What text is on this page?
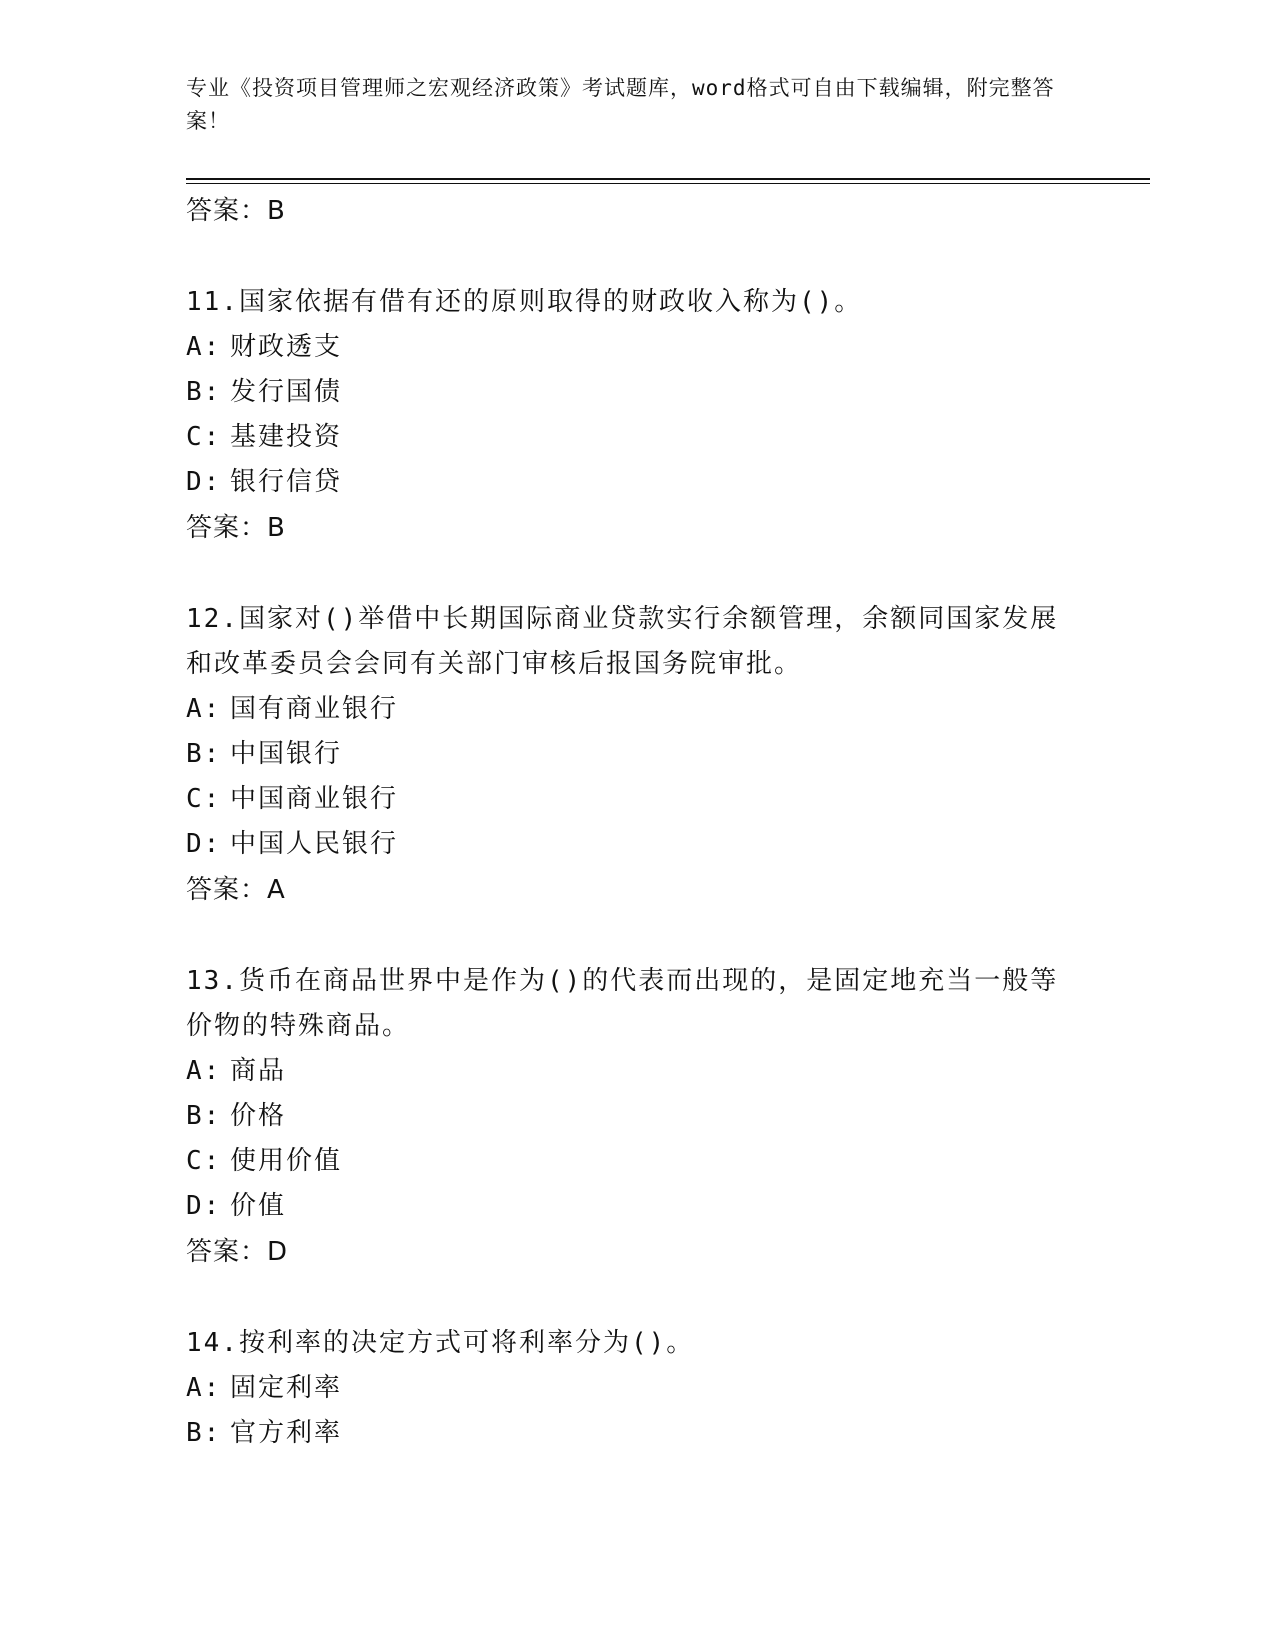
专业《投资项目管理师之宏观经济政策》考试题库，word格式可自由下载编辑，附完整答案！
答案：B
11.国家依据有借有还的原则取得的财政收入称为()。
A: 财政透支
B: 发行国债
C: 基建投资
D: 银行信贷
答案：B
12.国家对()举借中长期国际商业贷款实行余额管理，余额同国家发展和改革委员会会同有关部门审核后报国务院审批。
A: 国有商业银行
B: 中国银行
C: 中国商业银行
D: 中国人民银行
答案：A
13.货币在商品世界中是作为()的代表而出现的，是固定地充当一般等价物的特殊商品。
A: 商品
B: 价格
C: 使用价值
D: 价值
答案：D
14.按利率的决定方式可将利率分为()。
A: 固定利率
B: 官方利率
